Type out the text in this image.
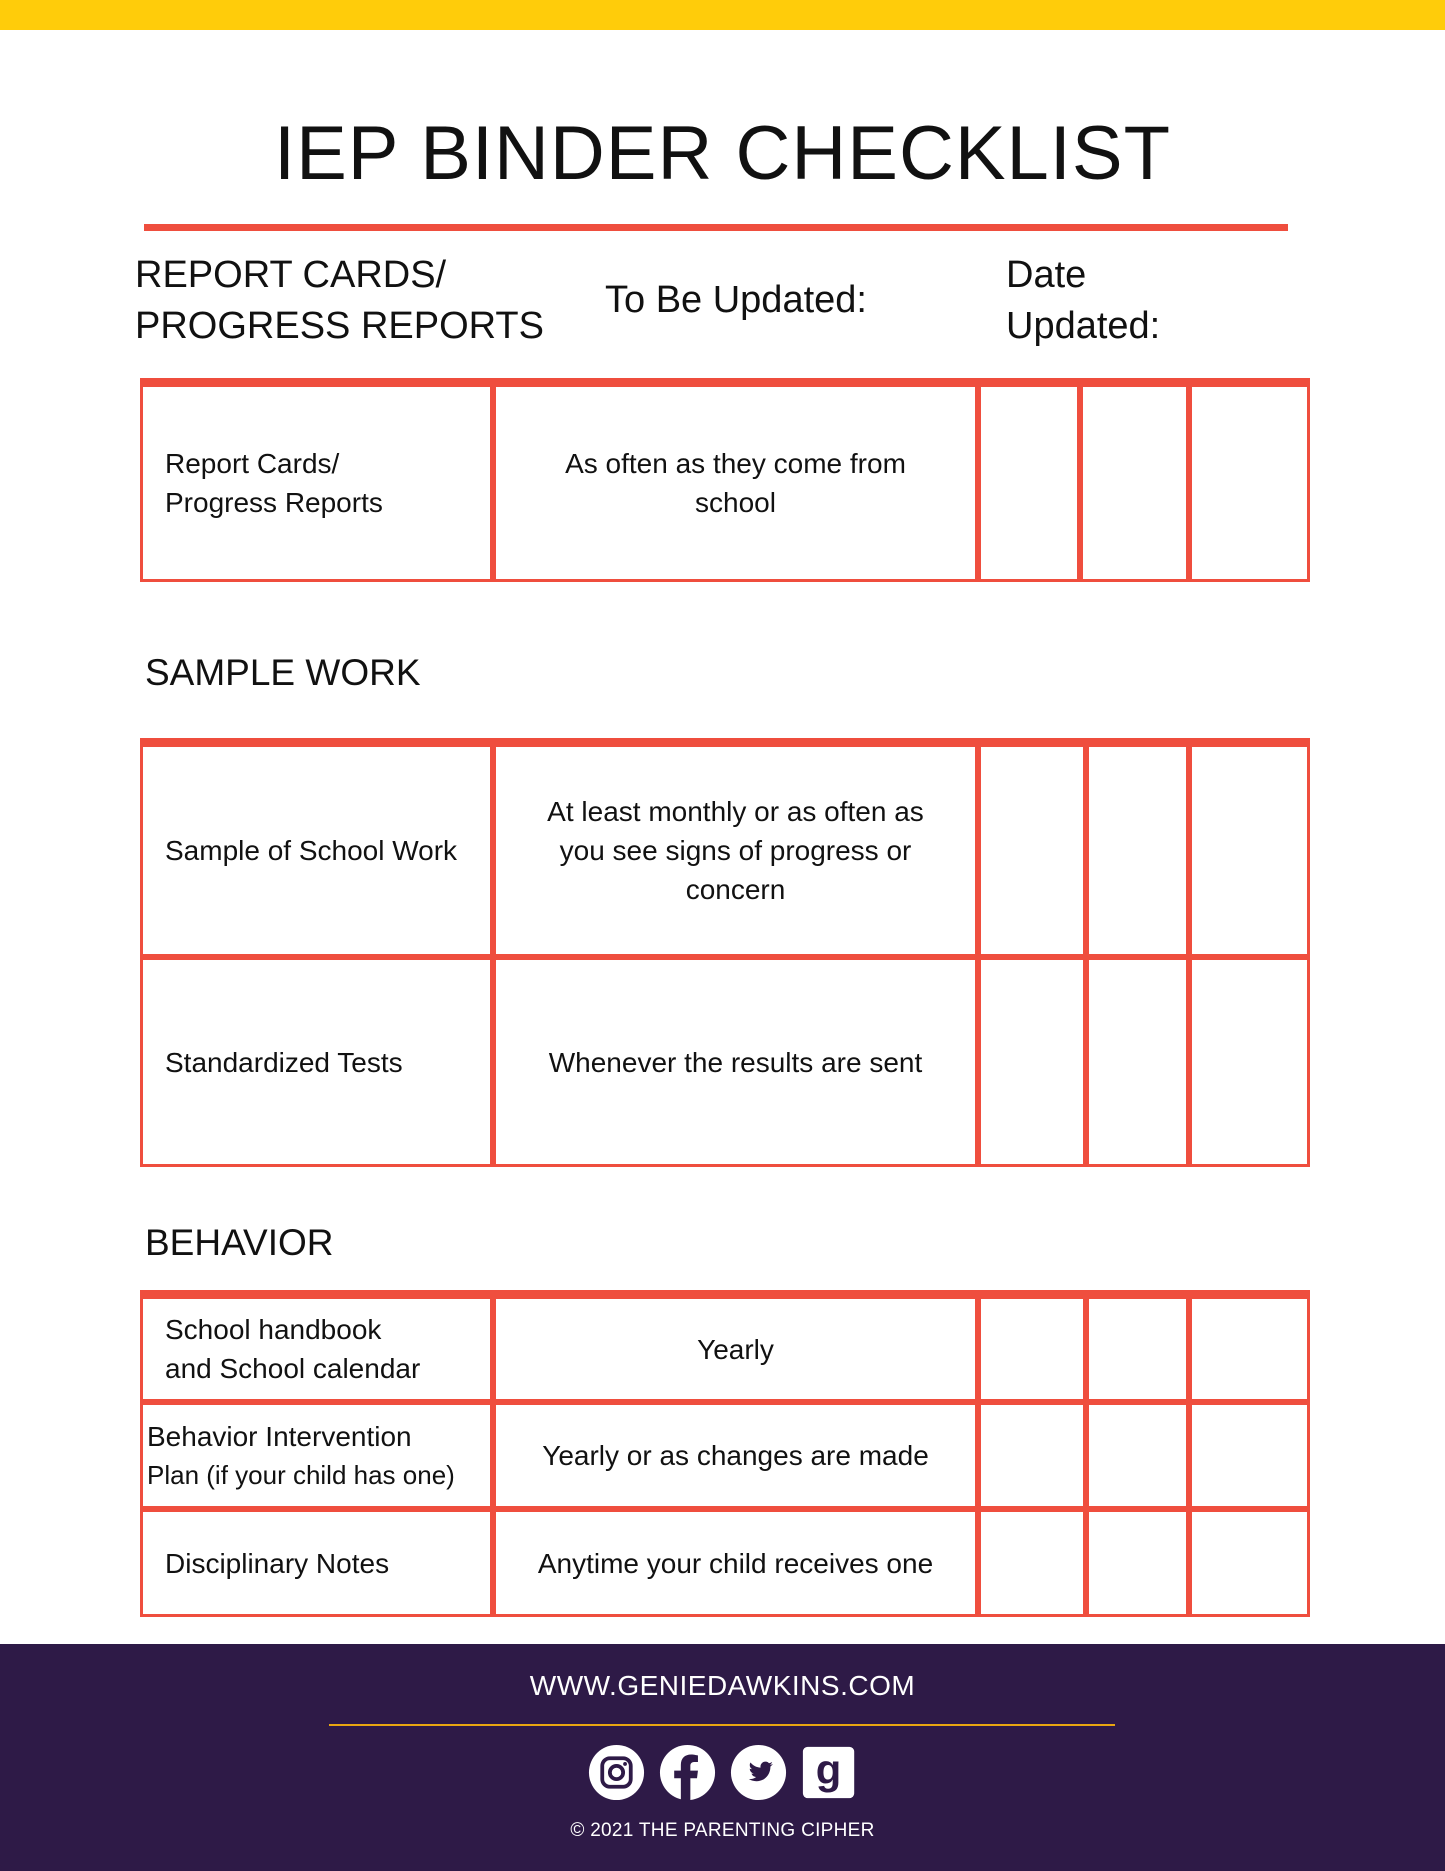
IEP BINDER CHECKLIST
REPORT CARDS/
PROGRESS REPORTS
To Be Updated:
Date
Updated:
Report Cards/
Progress Reports
As often as they come from school
SAMPLE WORK
Sample of School Work
At least monthly or as often as you see signs of progress or concern
Standardized Tests	Whenever the results are sent
BEHAVIOR
School handbook
and School calendar
Yearly
Behavior Intervention
Plan (if your child has one)
Yearly or as changes are made
Disciplinary Notes	Anytime your child receives one
WWW.GENIEDAWKINS.COM
g
© 2021 THE PARENTING CIPHER
